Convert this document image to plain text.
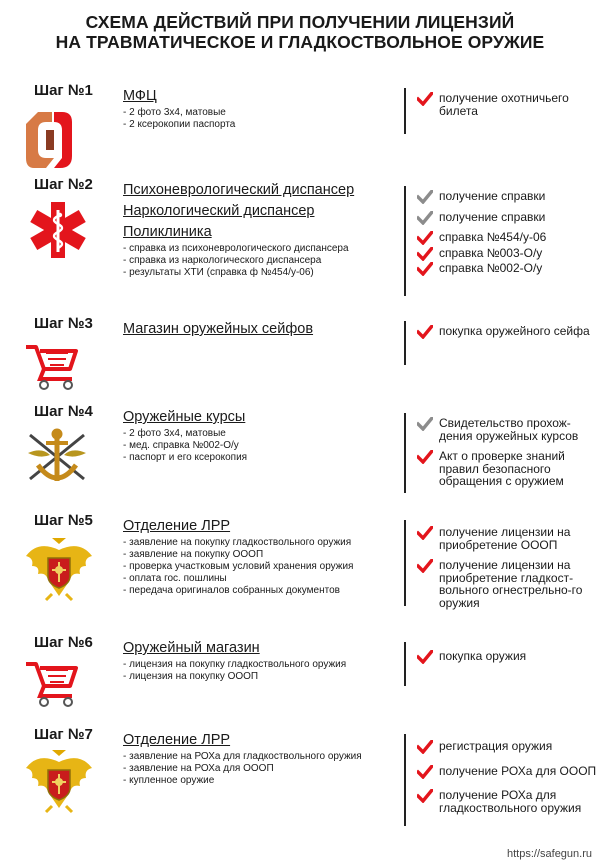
СХЕМА ДЕЙСТВИЙ ПРИ ПОЛУЧЕНИИ ЛИЦЕНЗИЙ
НА ТРАВМАТИЧЕСКОЕ И ГЛАДКОСТВОЛЬНОЕ ОРУЖИЕ
Шаг №1 МФЦ
- 2 фото 3х4, матовые
- 2 ксерокопии паспорта
получение охотничьего билета
Шаг №2 Психоневрологический диспансер
Наркологический диспансер
Поликлиника
- справка из психоневрологического диспансера
- справка из наркологического диспансера
- результаты ХТИ (справка ф №454/у-06)
получение справки
получение справки
справка №454/у-06
справка №003-О/у
справка №002-О/у
Шаг №3 Магазин оружейных сейфов	покупка оружейного сейфа
Шаг №4 Оружейные курсы
- 2 фото 3х4, матовые
- мед. справка №002-О/у
- паспорт и его ксерокопия
Свидетельство прохож-дения оружейных курсов
Акт о проверке знаний правил безопасного обращения с оружием
Шаг №5 Отделение ЛРР
- заявление на покупку гладкоствольного оружия
- заявление на покупку ОООП
- проверка участковым условий хранения оружия
- оплата гос. пошлины
- передача оригиналов собранных документов
получение лицензии на приобретение ОООП
получение лицензии на приобретение гладкост-вольного огнестрельно-го оружия
Шаг №6 Оружейный магазин
- лицензия на покупку гладкоствольного оружия
- лицензия на покупку ОООП
покупка оружия
Шаг №7 Отделение ЛРР
- заявление на РОХа для гладкоствольного оружия
- заявление на РОХа для ОООП
- купленное оружие
регистрация оружия
получение РОХа для ОООП
получение РОХа для гладкоствольного оружия
https://safegun.ru
